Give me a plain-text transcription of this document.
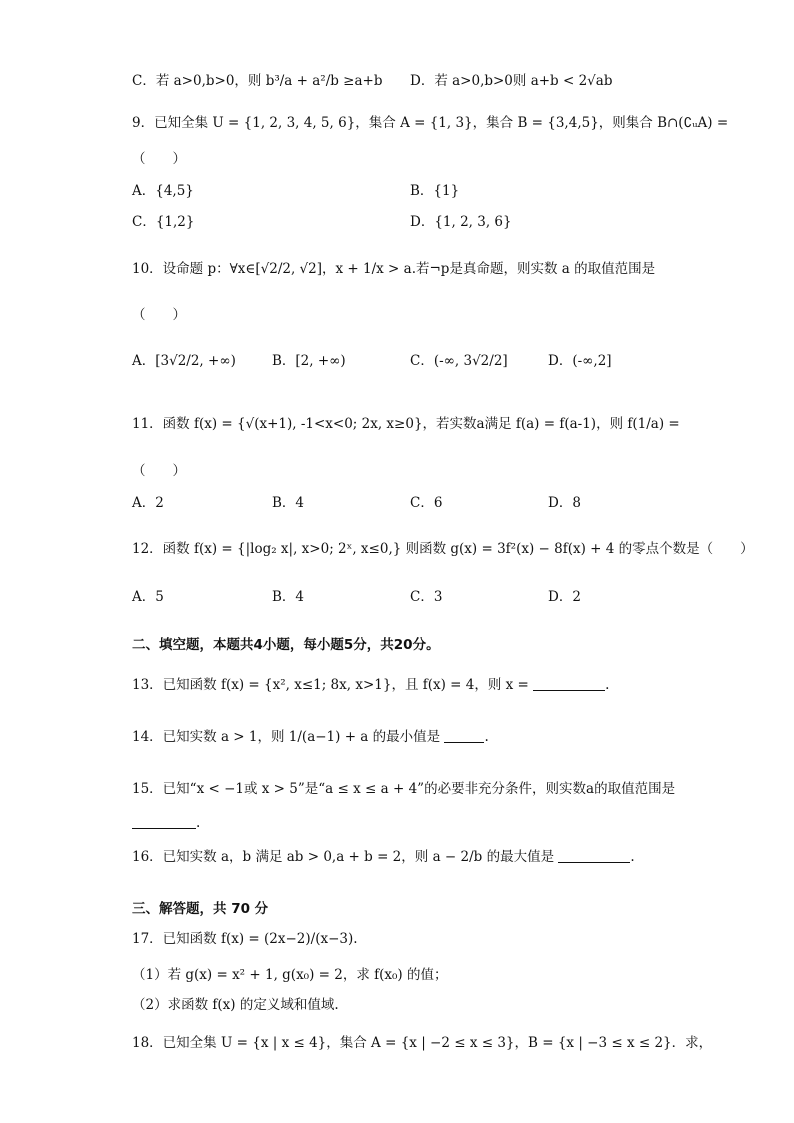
C．若 a>0,b>0，则 b³/a + a²/b ≥a+b D．若 a>0,b>0则 a+b < 2√ab
9．已知全集 U = {1, 2, 3, 4, 5, 6}，集合 A = {1, 3}，集合 B = {3,4,5}，则集合 B∩(∁ᵤA) =
（　　）
A．{4,5}	B．{1}
C．{1,2}	D．{1, 2, 3, 6}
10．设命题 p：∀x∈[√2/2, √2]，x + 1/x > a.若¬p是真命题，则实数 a 的取值范围是
（　　）
A．[3√2/2, +∞)	B．[2, +∞)	C．(-∞, 3√2/2]	D．(-∞,2]
11．函数 f(x) = {√(x+1), -1<x<0; 2x, x≥0}，若实数a满足 f(a) = f(a-1)，则 f(1/a) =
（　　）
A．2	B．4	C．6	D．8
12．函数 f(x) = {|log₂ x|, x>0; 2ˣ, x≤0,} 则函数 g(x) = 3f²(x) − 8f(x) + 4 的零点个数是（　　）
A．5	B．4	C．3	D．2
二、填空题，本题共4小题，每小题5分，共20分。
13．已知函数 f(x) = {x², x≤1; 8x, x>1}，且 f(x) = 4，则 x =	.
14．已知实数 a > 1，则 1/(a−1) + a 的最小值是	.
15．已知“x < −1或 x > 5”是“a ≤ x ≤ a + 4”的必要非充分条件，则实数a的取值范围是
.
16．已知实数 a，b 满足 ab > 0,a + b = 2，则 a − 2/b 的最大值是	.
三、解答题，共 70 分
17．已知函数 f(x) = (2x−2)/(x−3).
（1）若 g(x) = x² + 1, g(x₀) = 2，求 f(x₀) 的值；
（2）求函数 f(x) 的定义域和值域.
18．已知全集 U = {x | x ≤ 4}，集合 A = {x | −2 ≤ x ≤ 3}，B = {x | −3 ≤ x ≤ 2}．求，
